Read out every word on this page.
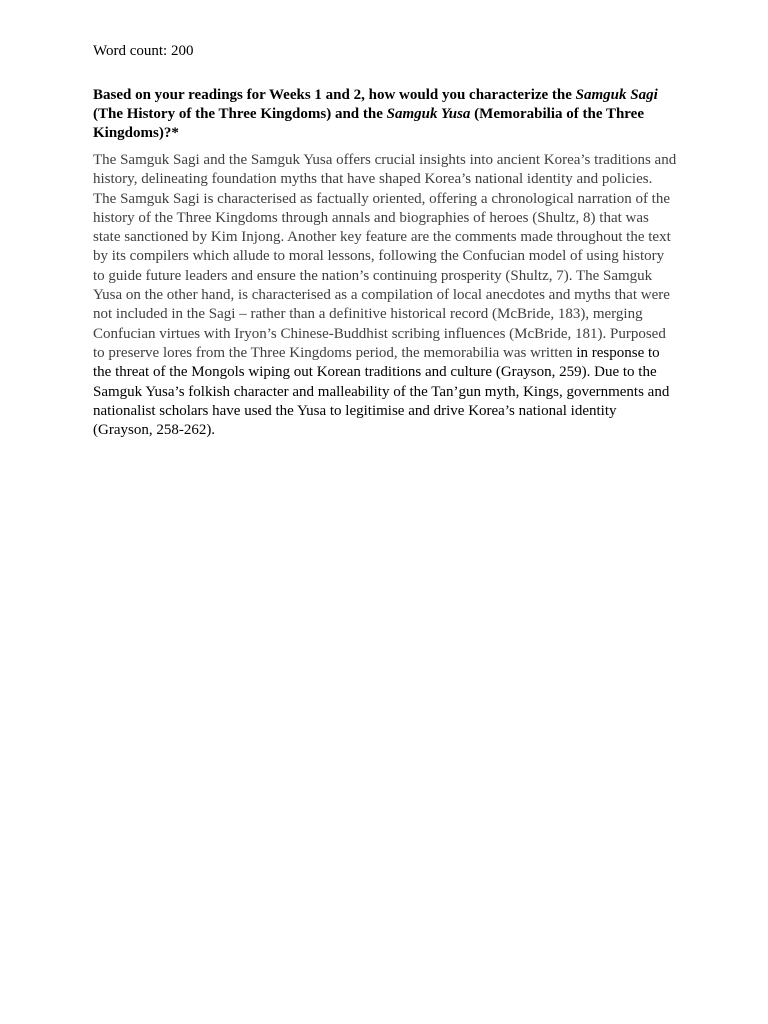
Word count: 200

Based on your readings for Weeks 1 and 2, how would you characterize the Samguk Sagi (The History of the Three Kingdoms) and the Samguk Yusa (Memorabilia of the Three Kingdoms)?*

The Samguk Sagi and the Samguk Yusa offers crucial insights into ancient Korea’s traditions and history, delineating foundation myths that have shaped Korea’s national identity and policies. The Samguk Sagi is characterised as factually oriented, offering a chronological narration of the history of the Three Kingdoms through annals and biographies of heroes (Shultz, 8) that was state sanctioned by Kim Injong. Another key feature are the comments made throughout the text by its compilers which allude to moral lessons, following the Confucian model of using history to guide future leaders and ensure the nation’s continuing prosperity (Shultz, 7). The Samguk Yusa on the other hand, is characterised as a compilation of local anecdotes and myths that were not included in the Sagi – rather than a definitive historical record (McBride, 183), merging Confucian virtues with Iryon’s Chinese-Buddhist scribing influences (McBride, 181). Purposed to preserve lores from the Three Kingdoms period, the memorabilia was written in response to the threat of the Mongols wiping out Korean traditions and culture (Grayson, 259). Due to the Samguk Yusa’s folkish character and malleability of the Tan’gun myth, Kings, governments and nationalist scholars have used the Yusa to legitimise and drive Korea’s national identity (Grayson, 258-262).
